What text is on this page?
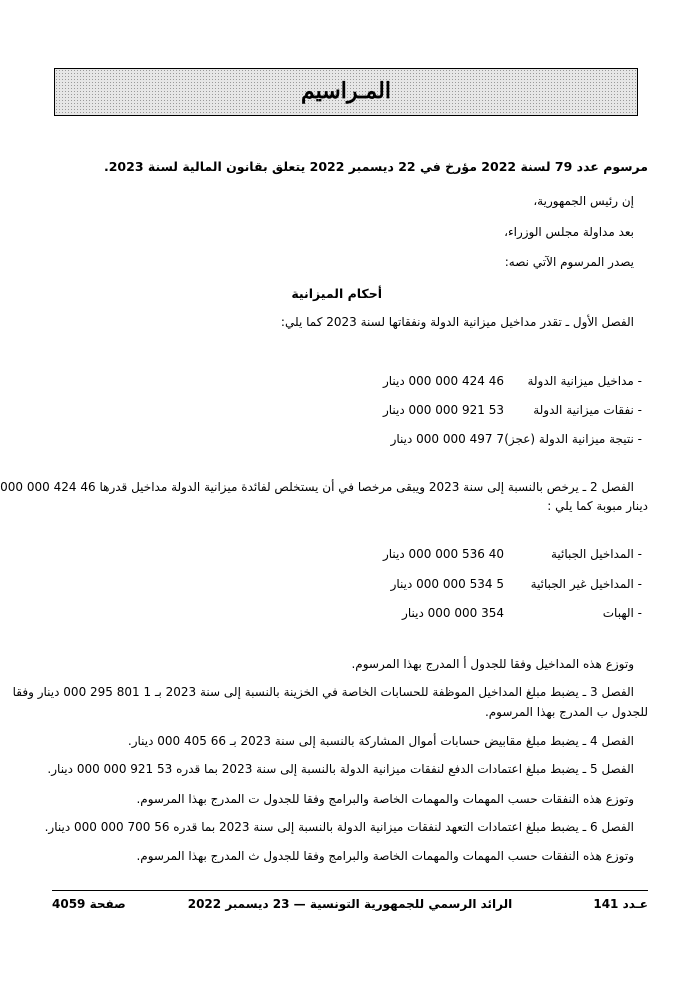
المـراسيم
مرسوم عدد 79 لسنة 2022 مؤرخ في 22 ديسمبر 2022 يتعلق بقانون المالية لسنة 2023.
إن رئيس الجمهورية،
بعد مداولة مجلس الوزراء،
يصدر المرسوم الآتي نصه:
أحكام الميزانية
الفصل الأول ـ تقدر مداخيل ميزانية الدولة ونفقاتها لسنة 2023 كما يلي:
- مداخيل ميزانية الدولة
46 424 000 000 دينار
- نفقات ميزانية الدولة
53 921 000 000 دينار
- نتيجة ميزانية الدولة (عجز)
7 497 000 000 دينار
الفصل 2 ـ يرخص بالنسبة إلى سنة 2023 ويبقى مرخصا في أن يستخلص لفائدة ميزانية الدولة مداخيل قدرها 46 424 000 000
دينار مبوبة كما يلي :
- المداخيل الجبائية
40 536 000 000 دينار
- المداخيل غير الجبائية
5 534 000 000 دينار
- الهبات
354 000 000 دينار
وتوزع هذه المداخيل وفقا للجدول أ المدرج بهذا المرسوم.
الفصل 3 ـ يضبط مبلغ المداخيل الموظفة للحسابات الخاصة في الخزينة بالنسبة إلى سنة 2023 بـ 1 801 295 000 دينار وفقا
للجدول ب المدرج بهذا المرسوم.
الفصل 4 ـ يضبط مبلغ مقابيض حسابات أموال المشاركة بالنسبة إلى سنة 2023 بـ 66 405 000 دينار.
الفصل 5 ـ يضبط مبلغ اعتمادات الدفع لنفقات ميزانية الدولة بالنسبة إلى سنة 2023 بما قدره 53 921 000 000 دينار.
وتوزع هذه النفقات حسب المهمات والمهمات الخاصة والبرامج وفقا للجدول ت المدرج بهذا المرسوم.
الفصل 6 ـ يضبط مبلغ اعتمادات التعهد لنفقات ميزانية الدولة بالنسبة إلى سنة 2023 بما قدره 56 700 000 000 دينار.
وتوزع هذه النفقات حسب المهمات والمهمات الخاصة والبرامج وفقا للجدول ث المدرج بهذا المرسوم.
صفحة 4059	الرائد الرسمي للجمهورية التونسية — 23 ديسمبر 2022	عـدد 141
